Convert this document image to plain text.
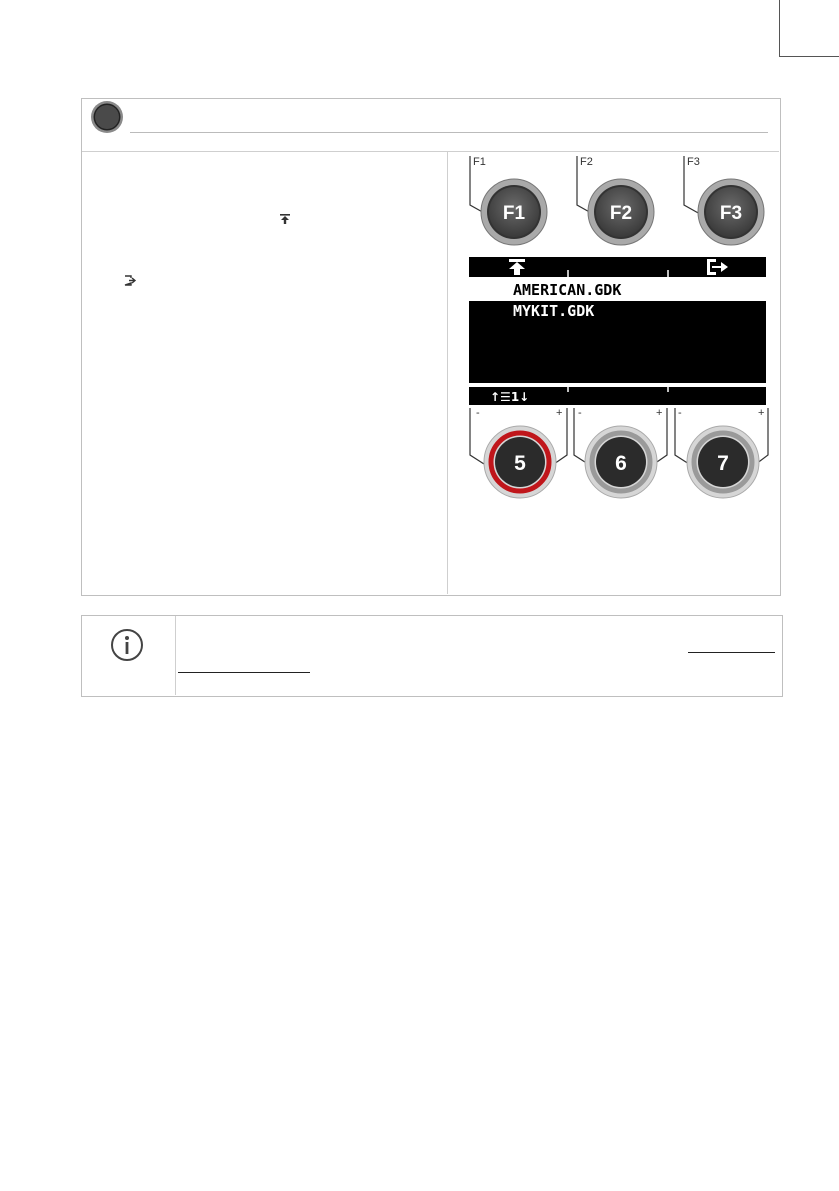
F1	F2	F3
F1	F2	F3
AMERICAN.GDK
MYKIT.GDK
↑☰1↓
-	+ -	+ -	+
5	6	7
